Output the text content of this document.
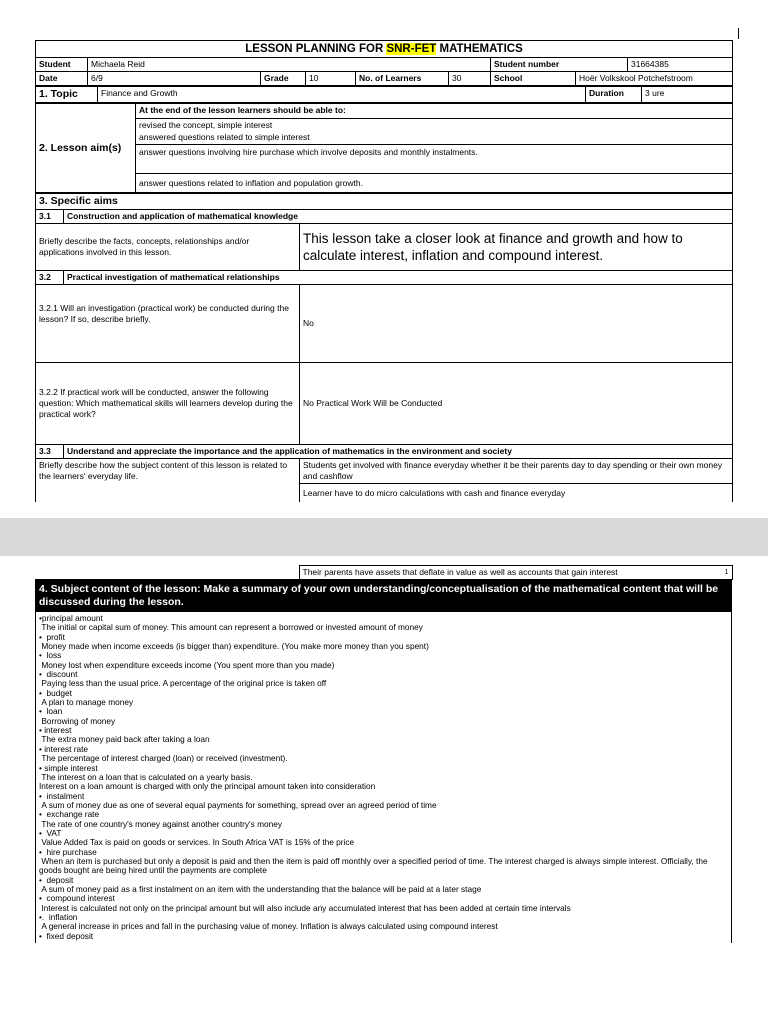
LESSON PLANNING FOR SNR-FET MATHEMATICS								
Student	Michaela Reid					Student number		31664385
Date	6/9	Grade	10	No. of Learners	30	School	Hoër Volkskool Potchefstroom	
1. Topic	Finance and Growth	Duration	3 ure
2. Lesson aim(s)	At the end of the lesson learners should be able to:
revised the concept, simple interest
answered questions related to simple interest
answer questions involving hire purchase which involve deposits and monthly instalments.
answer questions related to inflation and population growth.
3. Specific aims		
3.1	Construction and application of mathematical knowledge	
Briefly describe the facts, concepts, relationships and/or applications involved in this lesson.		This lesson take a closer look at finance and growth and how to calculate interest, inflation and compound interest.
3.2	Practical investigation of mathematical relationships	
3.2.1 Will an investigation (practical work) be conducted during the lesson? If so, describe briefly.		No
3.2.2 If practical work will be conducted, answer the following question: Which mathematical skills will learners develop during the practical work?		No Practical Work Will be Conducted
3.3	Understand and appreciate the importance and the application of mathematics in the environment and society	
Briefly describe how the subject content of this lesson is related to the learners' everyday life.		Students get involved with finance everyday whether it be their parents day to day spending or their own money and cashflow
		Learner have to do micro calculations with cash and finance everyday
	Their parents have assets that deflate in value as well as accounts that gain interest	1
4. Subject content of the lesson: Make a summary of your own understanding/conceptualisation of the mathematical content that will be discussed during the lesson.
•principal amount
The initial or capital sum of money. This amount can represent a borrowed or invested amount of money
•  profit
Money made when income exceeds (is bigger than) expenditure. (You make more money than you spent)
•  loss
Money lost when expenditure exceeds income (You spent more than you made)
•  discount
Paying less than the usual price. A percentage of the original price is taken off
•  budget
A plan to manage money
•  loan
Borrowing of money
• interest
The extra money paid back after taking a loan
• interest rate
The percentage of interest charged (loan) or received (investment).
• simple interest
The interest on a loan that is calculated on a yearly basis.
Interest on a loan amount is charged with only the principal amount taken into consideration
•  instalment
A sum of money due as one of several equal payments for something, spread over an agreed period of time
•  exchange rate
The rate of one country's money against another country's money
•  VAT
Value Added Tax is paid on goods or services. In South Africa VAT is 15% of the price
•  hire purchase
When an item is purchased but only a deposit is paid and then the item is paid off monthly over a specified period of time. The interest charged is always simple interest. Officially, the goods bought are being hired until the payments are complete
•  deposit
A sum of money paid as a first instalment on an item with the understanding that the balance will be paid at a later stage
•  compound interest
Interest is calculated not only on the principal amount but will also include any accumulated interest that has been added at certain time intervals
•.  inflation
A general increase in prices and fall in the purchasing value of money. Inflation is always calculated using compound interest
•  fixed deposit
